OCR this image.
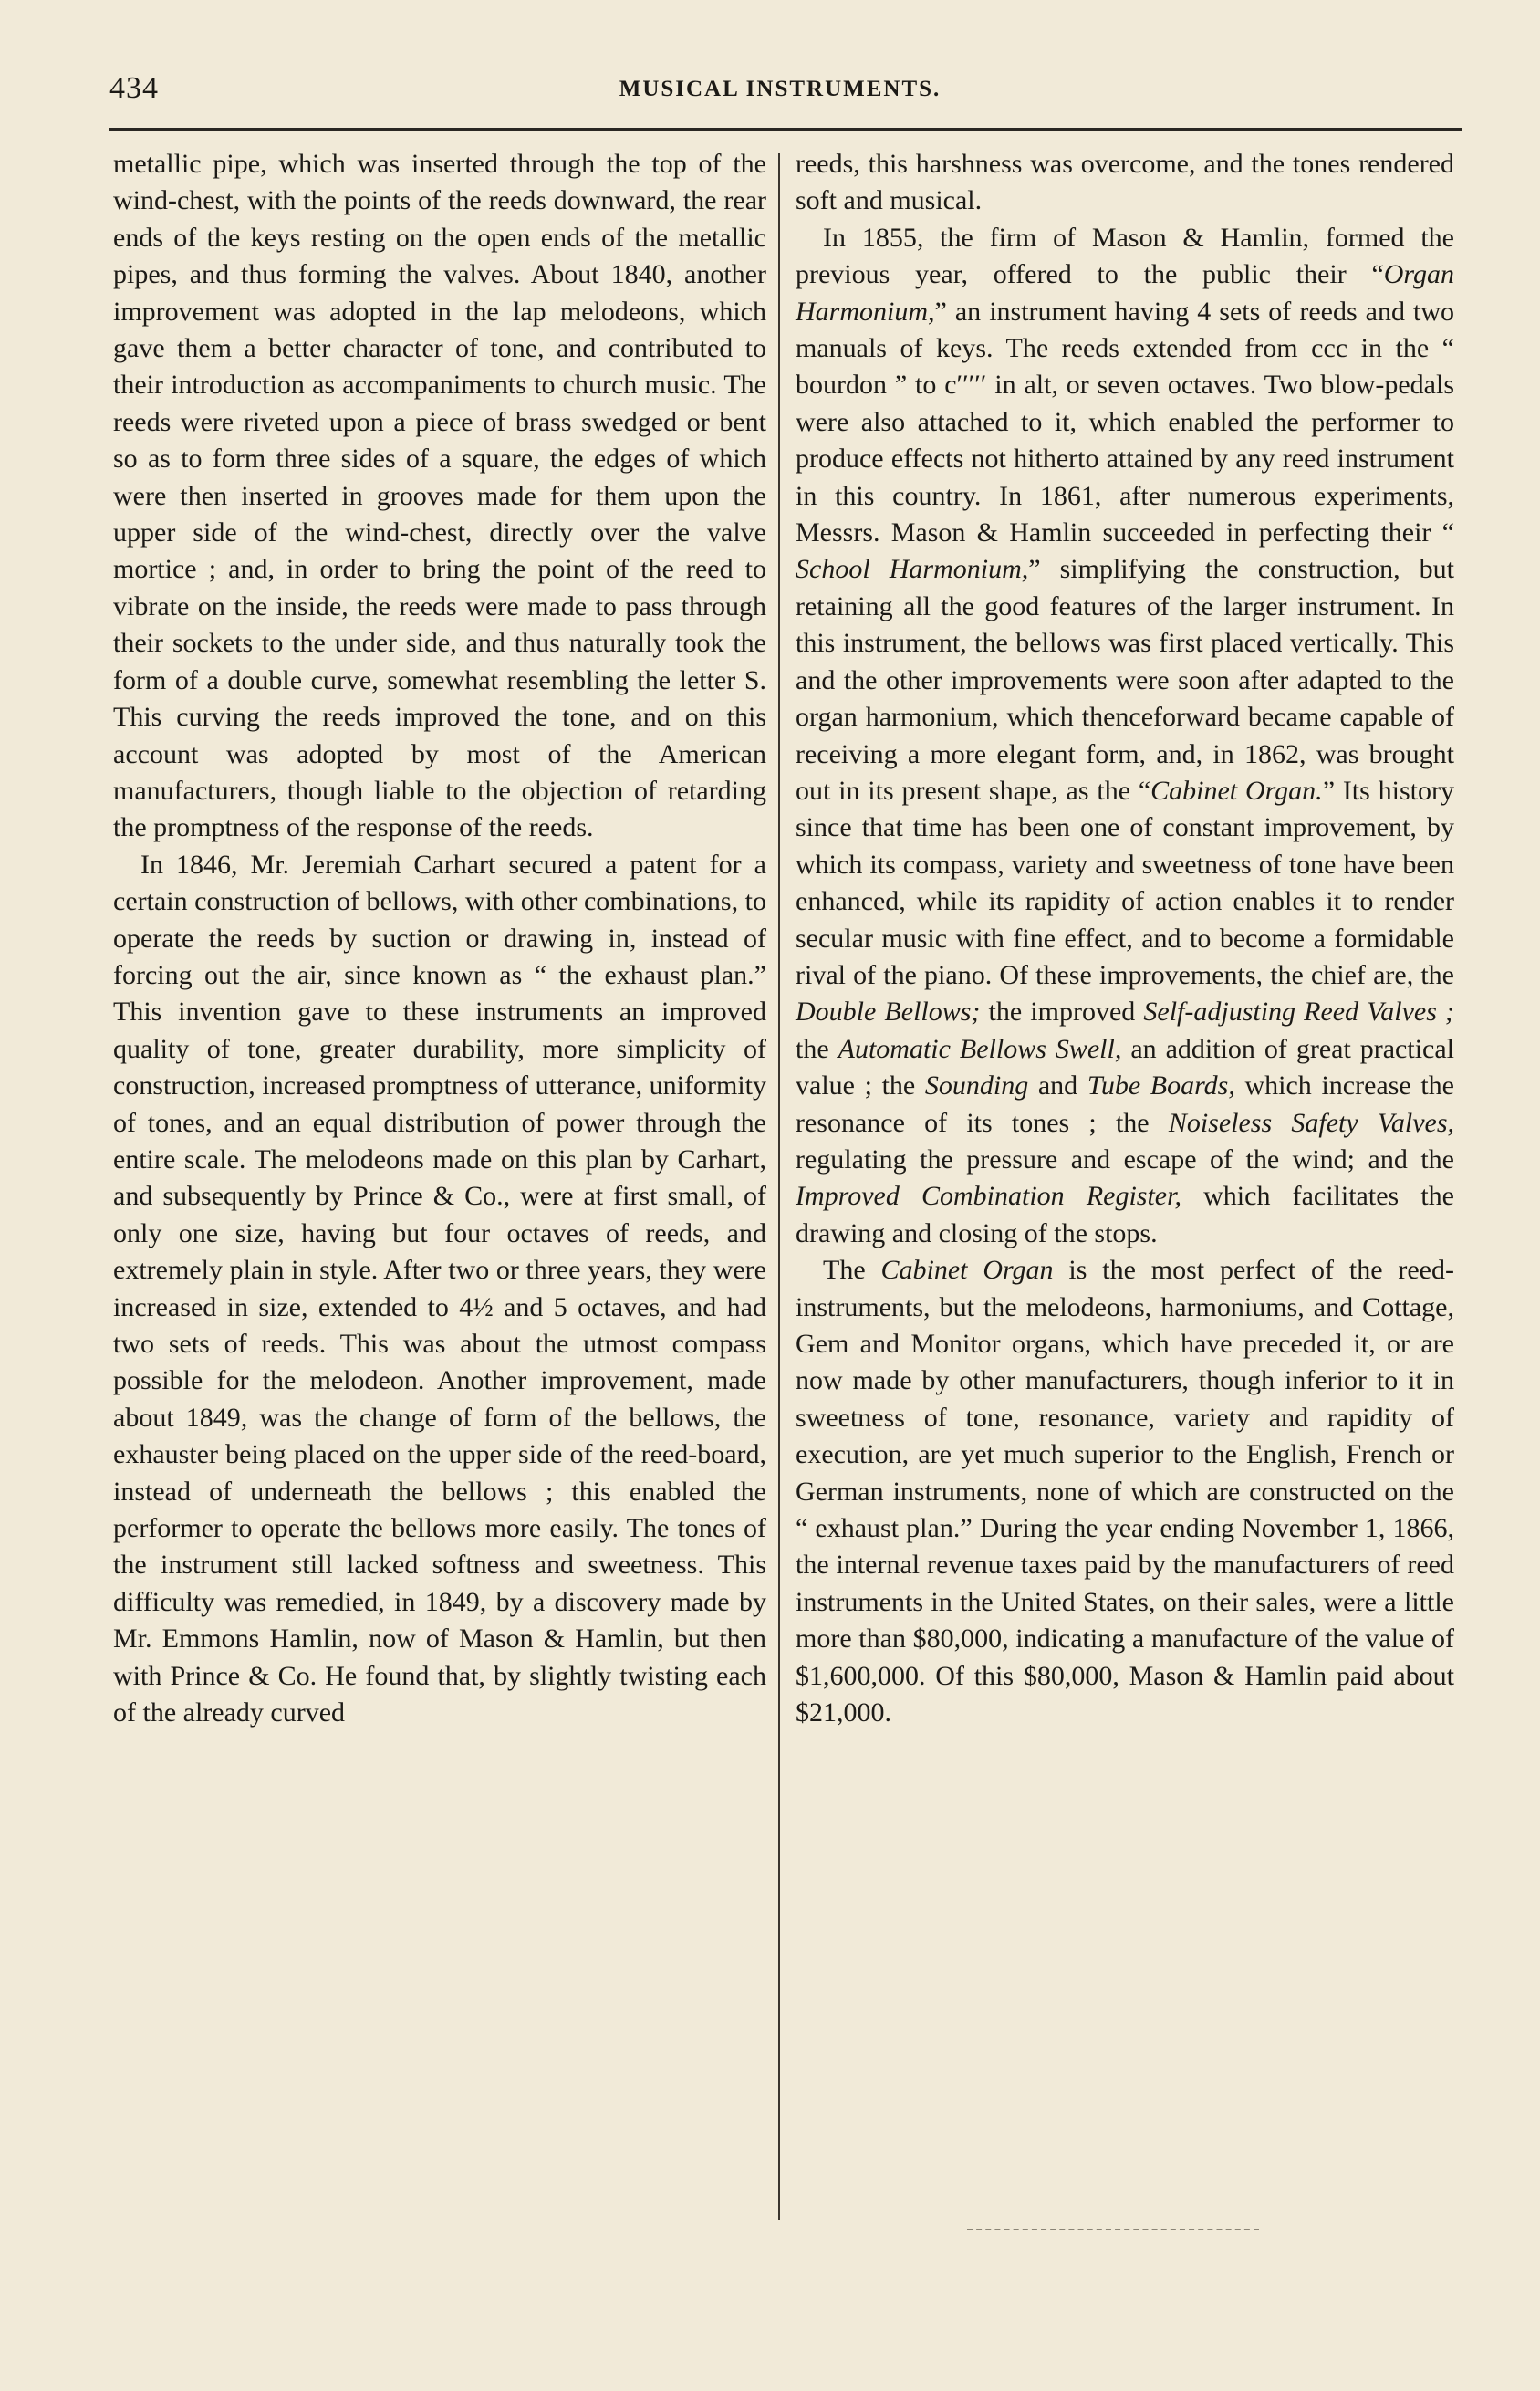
434	MUSICAL INSTRUMENTS.

metallic pipe, which was inserted through the top of the wind-chest, with the points of the reeds downward, the rear ends of the keys resting on the open ends of the metallic pipes, and thus forming the valves. About 1840, another improvement was adopted in the lap melodeons, which gave them a better character of tone, and contributed to their introduction as accompaniments to church music. The reeds were riveted upon a piece of brass swedged or bent so as to form three sides of a square, the edges of which were then inserted in grooves made for them upon the upper side of the wind-chest, directly over the valve mortice ; and, in order to bring the point of the reed to vibrate on the inside, the reeds were made to pass through their sockets to the under side, and thus naturally took the form of a double curve, somewhat resembling the letter S. This curving the reeds improved the tone, and on this account was adopted by most of the American manufacturers, though liable to the objection of retarding the promptness of the response of the reeds.

In 1846, Mr. Jeremiah Carhart secured a patent for a certain construction of bellows, with other combinations, to operate the reeds by suction or drawing in, instead of forcing out the air, since known as “ the exhaust plan.” This invention gave to these instruments an improved quality of tone, greater durability, more simplicity of construction, increased promptness of utterance, uniformity of tones, and an equal distribution of power through the entire scale. The melodeons made on this plan by Carhart, and subsequently by Prince & Co., were at first small, of only one size, having but four octaves of reeds, and extremely plain in style. After two or three years, they were increased in size, extended to 4½ and 5 octaves, and had two sets of reeds. This was about the utmost compass possible for the melodeon. Another improvement, made about 1849, was the change of form of the bellows, the exhauster being placed on the upper side of the reed-board, instead of underneath the bellows ; this enabled the performer to operate the bellows more easily. The tones of the instrument still lacked softness and sweetness. This difficulty was remedied, in 1849, by a discovery made by Mr. Emmons Hamlin, now of Mason & Hamlin, but then with Prince & Co. He found that, by slightly twisting each of the already curved

reeds, this harshness was overcome, and the tones rendered soft and musical.

In 1855, the firm of Mason & Hamlin, formed the previous year, offered to the public their “Organ Harmonium,” an instrument having 4 sets of reeds and two manuals of keys. The reeds extended from ccc in the “ bourdon ” to c′′′′′ in alt, or seven octaves. Two blow-pedals were also attached to it, which enabled the performer to produce effects not hitherto attained by any reed instrument in this country. In 1861, after numerous experiments, Messrs. Mason & Hamlin succeeded in perfecting their “ School Harmonium,” simplifying the construction, but retaining all the good features of the larger instrument. In this instrument, the bellows was first placed vertically. This and the other improvements were soon after adapted to the organ harmonium, which thenceforward became capable of receiving a more elegant form, and, in 1862, was brought out in its present shape, as the “Cabinet Organ.” Its history since that time has been one of constant improvement, by which its compass, variety and sweetness of tone have been enhanced, while its rapidity of action enables it to render secular music with fine effect, and to become a formidable rival of the piano. Of these improvements, the chief are, the Double Bellows; the improved Self-adjusting Reed Valves ; the Automatic Bellows Swell, an addition of great practical value ; the Sounding and Tube Boards, which increase the resonance of its tones ; the Noiseless Safety Valves, regulating the pressure and escape of the wind; and the Improved Combination Register, which facilitates the drawing and closing of the stops.

The Cabinet Organ is the most perfect of the reed-instruments, but the melodeons, harmoniums, and Cottage, Gem and Monitor organs, which have preceded it, or are now made by other manufacturers, though inferior to it in sweetness of tone, resonance, variety and rapidity of execution, are yet much superior to the English, French or German instruments, none of which are constructed on the “ exhaust plan.” During the year ending November 1, 1866, the internal revenue taxes paid by the manufacturers of reed instruments in the United States, on their sales, were a little more than $80,000, indicating a manufacture of the value of $1,600,000. Of this $80,000, Mason & Hamlin paid about $21,000.
